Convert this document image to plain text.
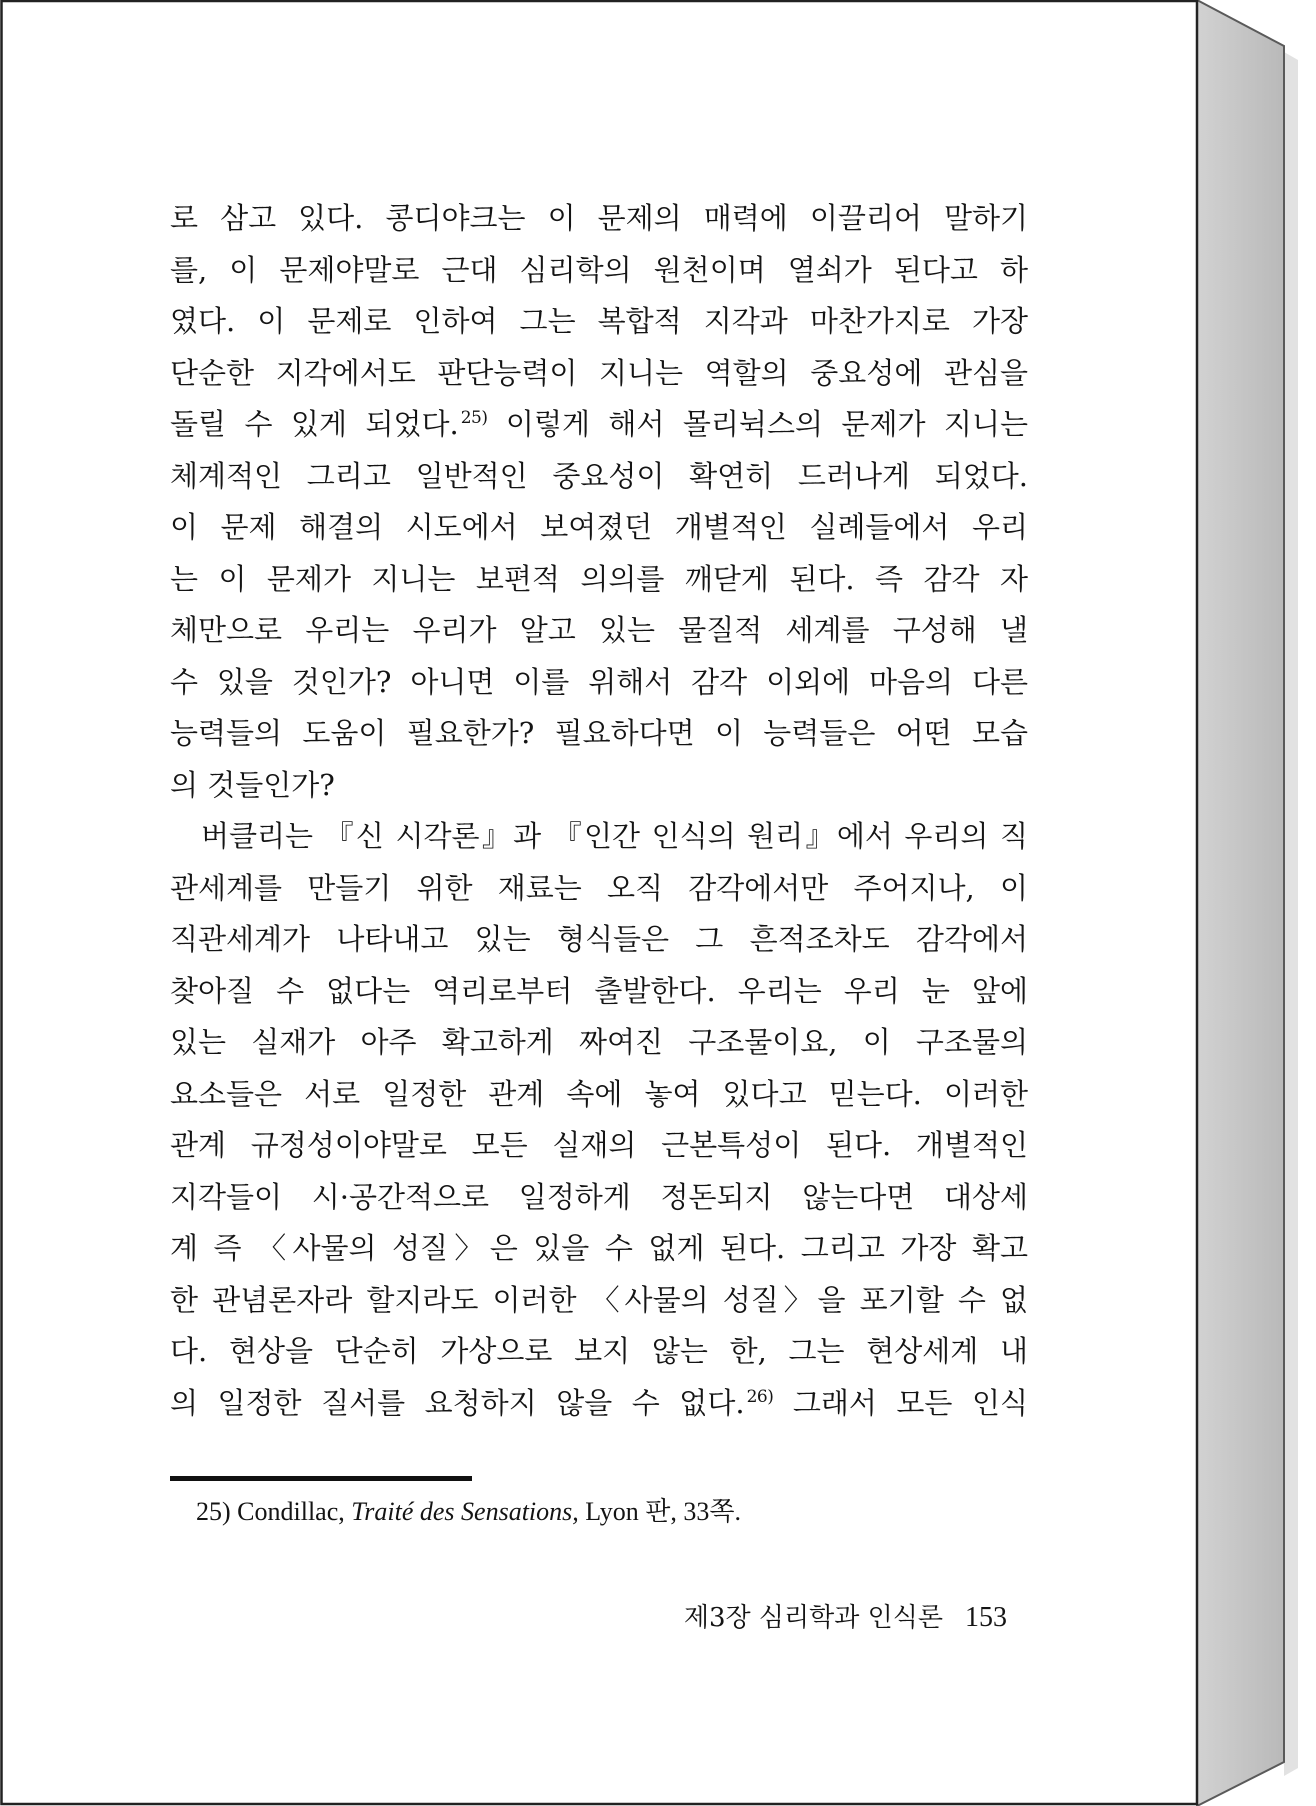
로 삼고 있다. 콩디야크는 이 문제의 매력에 이끌리어 말하기
를, 이 문제야말로 근대 심리학의 원천이며 열쇠가 된다고 하
였다. 이 문제로 인하여 그는 복합적 지각과 마찬가지로 가장
단순한 지각에서도 판단능력이 지니는 역할의 중요성에 관심을
돌릴 수 있게 되었다. $^{25)}$ 이렇게 해서 몰리뉙스의 문제가 지니는
체계적인 그리고 일반적인 중요성이 확연히 드러나게 되었다.
이 문제 해결의 시도에서 보여졌던 개별적인 실례들에서 우리
는 이 문제가 지니는 보편적 의의를 깨닫게 된다. 즉 감각 자
체만으로 우리는 우리가 알고 있는 물질적 세계를 구성해 낼
수 있을 것인가? 아니면 이를 위해서 감각 이외에 마음의 다른
능력들의 도움이 필요한가? 필요하다면 이 능력들은 어떤 모습
의 것들인가?
버클리는 『신 시각론』과 『인간 인식의 원리』에서 우리의 직
관세계를 만들기 위한 재료는 오직 감각에서만 주어지나, 이
직관세계가 나타내고 있는 형식들은 그 흔적조차도 감각에서
찾아질 수 없다는 역리로부터 출발한다. 우리는 우리 눈 앞에
있는 실재가 아주 확고하게 짜여진 구조물이요, 이 구조물의
요소들은 서로 일정한 관계 속에 놓여 있다고 믿는다. 이러한
관계 규정성이야말로 모든 실재의 근본특성이 된다. 개별적인
지각들이 시·공간적으로 일정하게 정돈되지 않는다면 대상세
계 즉 〈사물의 성질〉은 있을 수 없게 된다. 그리고 가장 확고
한 관념론자라 할지라도 이러한 〈사물의 성질〉을 포기할 수 없
다. 현상을 단순히 가상으로 보지 않는 한, 그는 현상세계 내
의 일정한 질서를 요청하지 않을 수 없다. $^{26)}$ 그래서 모든 인식
25) Condillac, Traité des Sensations, Lyon 판, 33쪽.
제3장 심리학과 인식론 153
